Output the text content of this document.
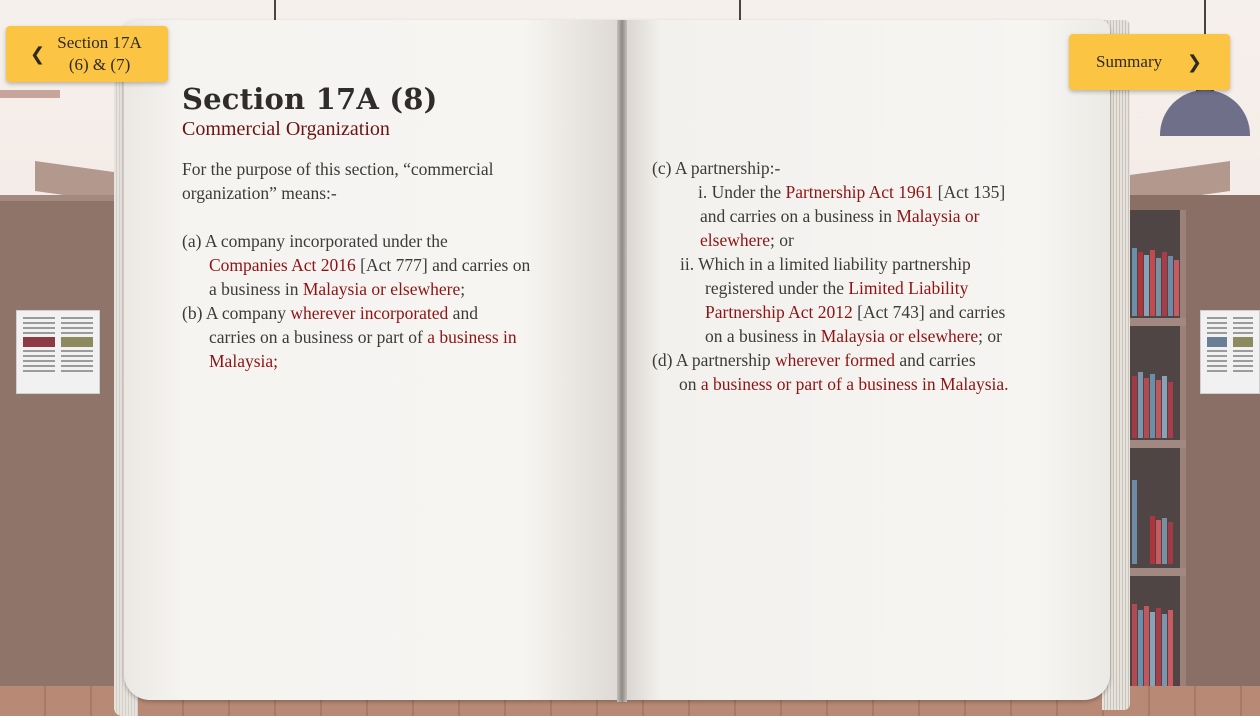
Section 17A (8)
Commercial Organization
For the purpose of this section, “commercial
organization” means:-
(a) A company incorporated under the
Companies Act 2016 [Act 777] and carries on
a business in Malaysia or elsewhere;
(b) A company wherever incorporated and
carries on a business or part of a business in
Malaysia;
(c) A partnership:-
i. Under the Partnership Act 1961 [Act 135]
and carries on a business in Malaysia or
elsewhere; or
ii. Which in a limited liability partnership
registered under the Limited Liability
Partnership Act 2012 [Act 743] and carries
on a business in Malaysia or elsewhere; or
(d) A partnership wherever formed and carries
on a business or part of a business in Malaysia.
❮
Section 17A
(6) & (7)	Summary	❯
